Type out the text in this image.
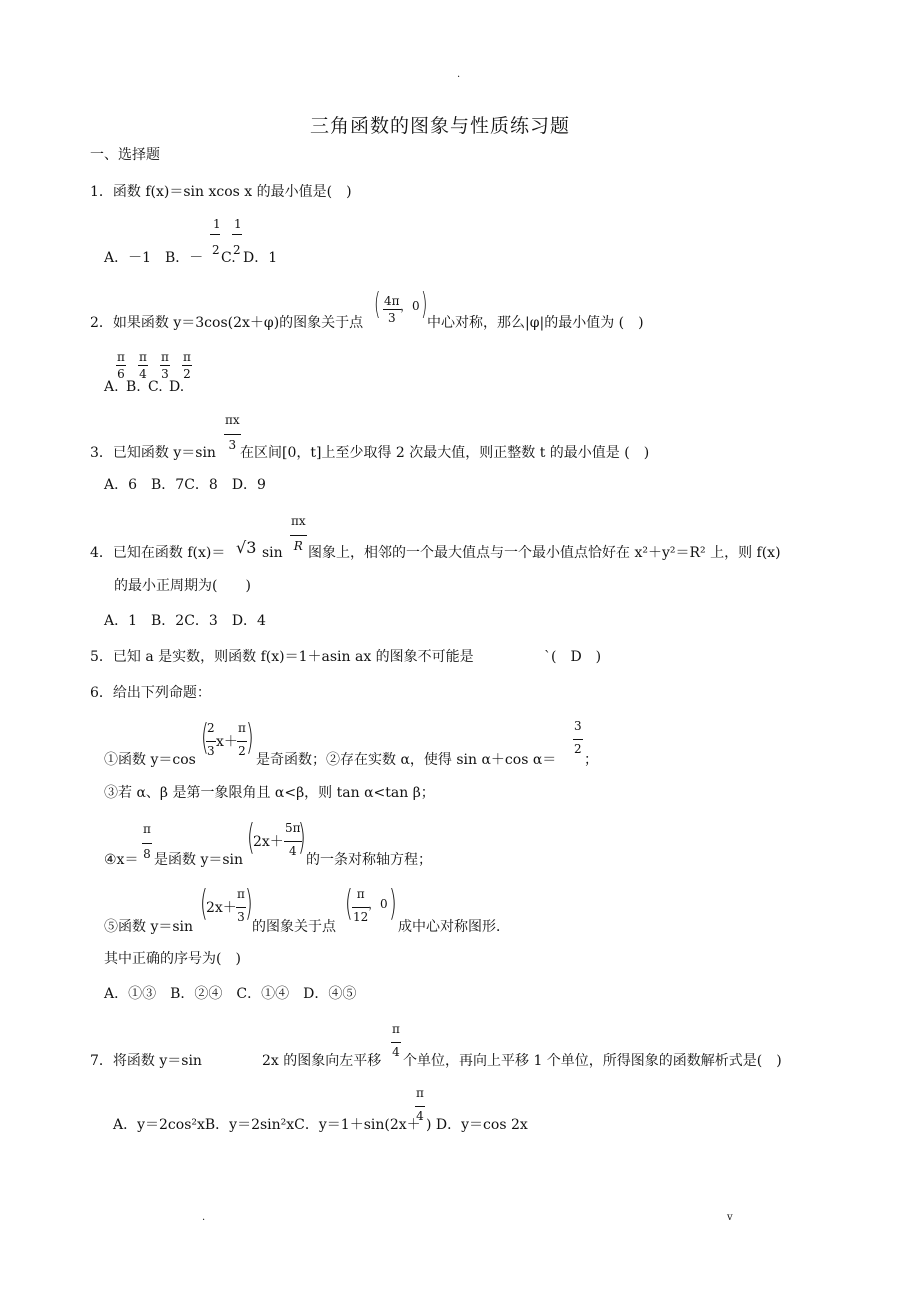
.
三角函数的图象与性质练习题
一、选择题
1．函数 f(x)＝sin xcos x 的最小值是(　)
1 1
A．－1　B．－ 2 C.
2 D．1
2．如果函数 y＝3cos(2x＋φ)的图象关于点
( 4π
3
，0 )
中心对称，那么|φ|的最小值为 (　)
π
6
π
4
π
3
π
2
A. B. C. D.
πx
3
3．已知函数 y＝sin 在区间[0，t]上至少取得 2 次最大值，则正整数 t 的最小值是 (　)
A．6　B．7C．8　D．9
πx
R
4．已知在函数 f(x)＝ √3 sin 图象上，相邻的一个最大值点与一个最小值点恰好在 x²＋y²＝R² 上，则 f(x)
的最小正周期为(　　)
A．1　B．2C．3　D．4
5．已知 a 是实数，则函数 f(x)＝1＋asin ax 的图象不可能是	`(　D　)
6．给出下列命题：
①函数 y＝cos
(
2
3
x＋
π
2 )
是奇函数；②存在实数 α，使得 sin α＋cos α＝
3
2
；
③若 α、β 是第一象限角且 α<β，则 tan α<tan β；
π
8
④x＝ 是函数 y＝sin
(
2x＋
5π
4 )
的一条对称轴方程；
⑤函数 y＝sin
(
2x＋
π
3 )
的图象关于点
( π
12
，0 )
成中心对称图形．
其中正确的序号为(　)
A．①③　B．②④　C．①④　D．④⑤
π
4
7．将函数 y＝sin	2x 的图象向左平移 个单位，再向上平移 1 个单位，所得图象的函数解析式是(　)
π
4
A．y＝2cos²xB．y＝2sin²xC．y＝1＋sin(2x＋ ) D．y＝cos 2x
.	v
